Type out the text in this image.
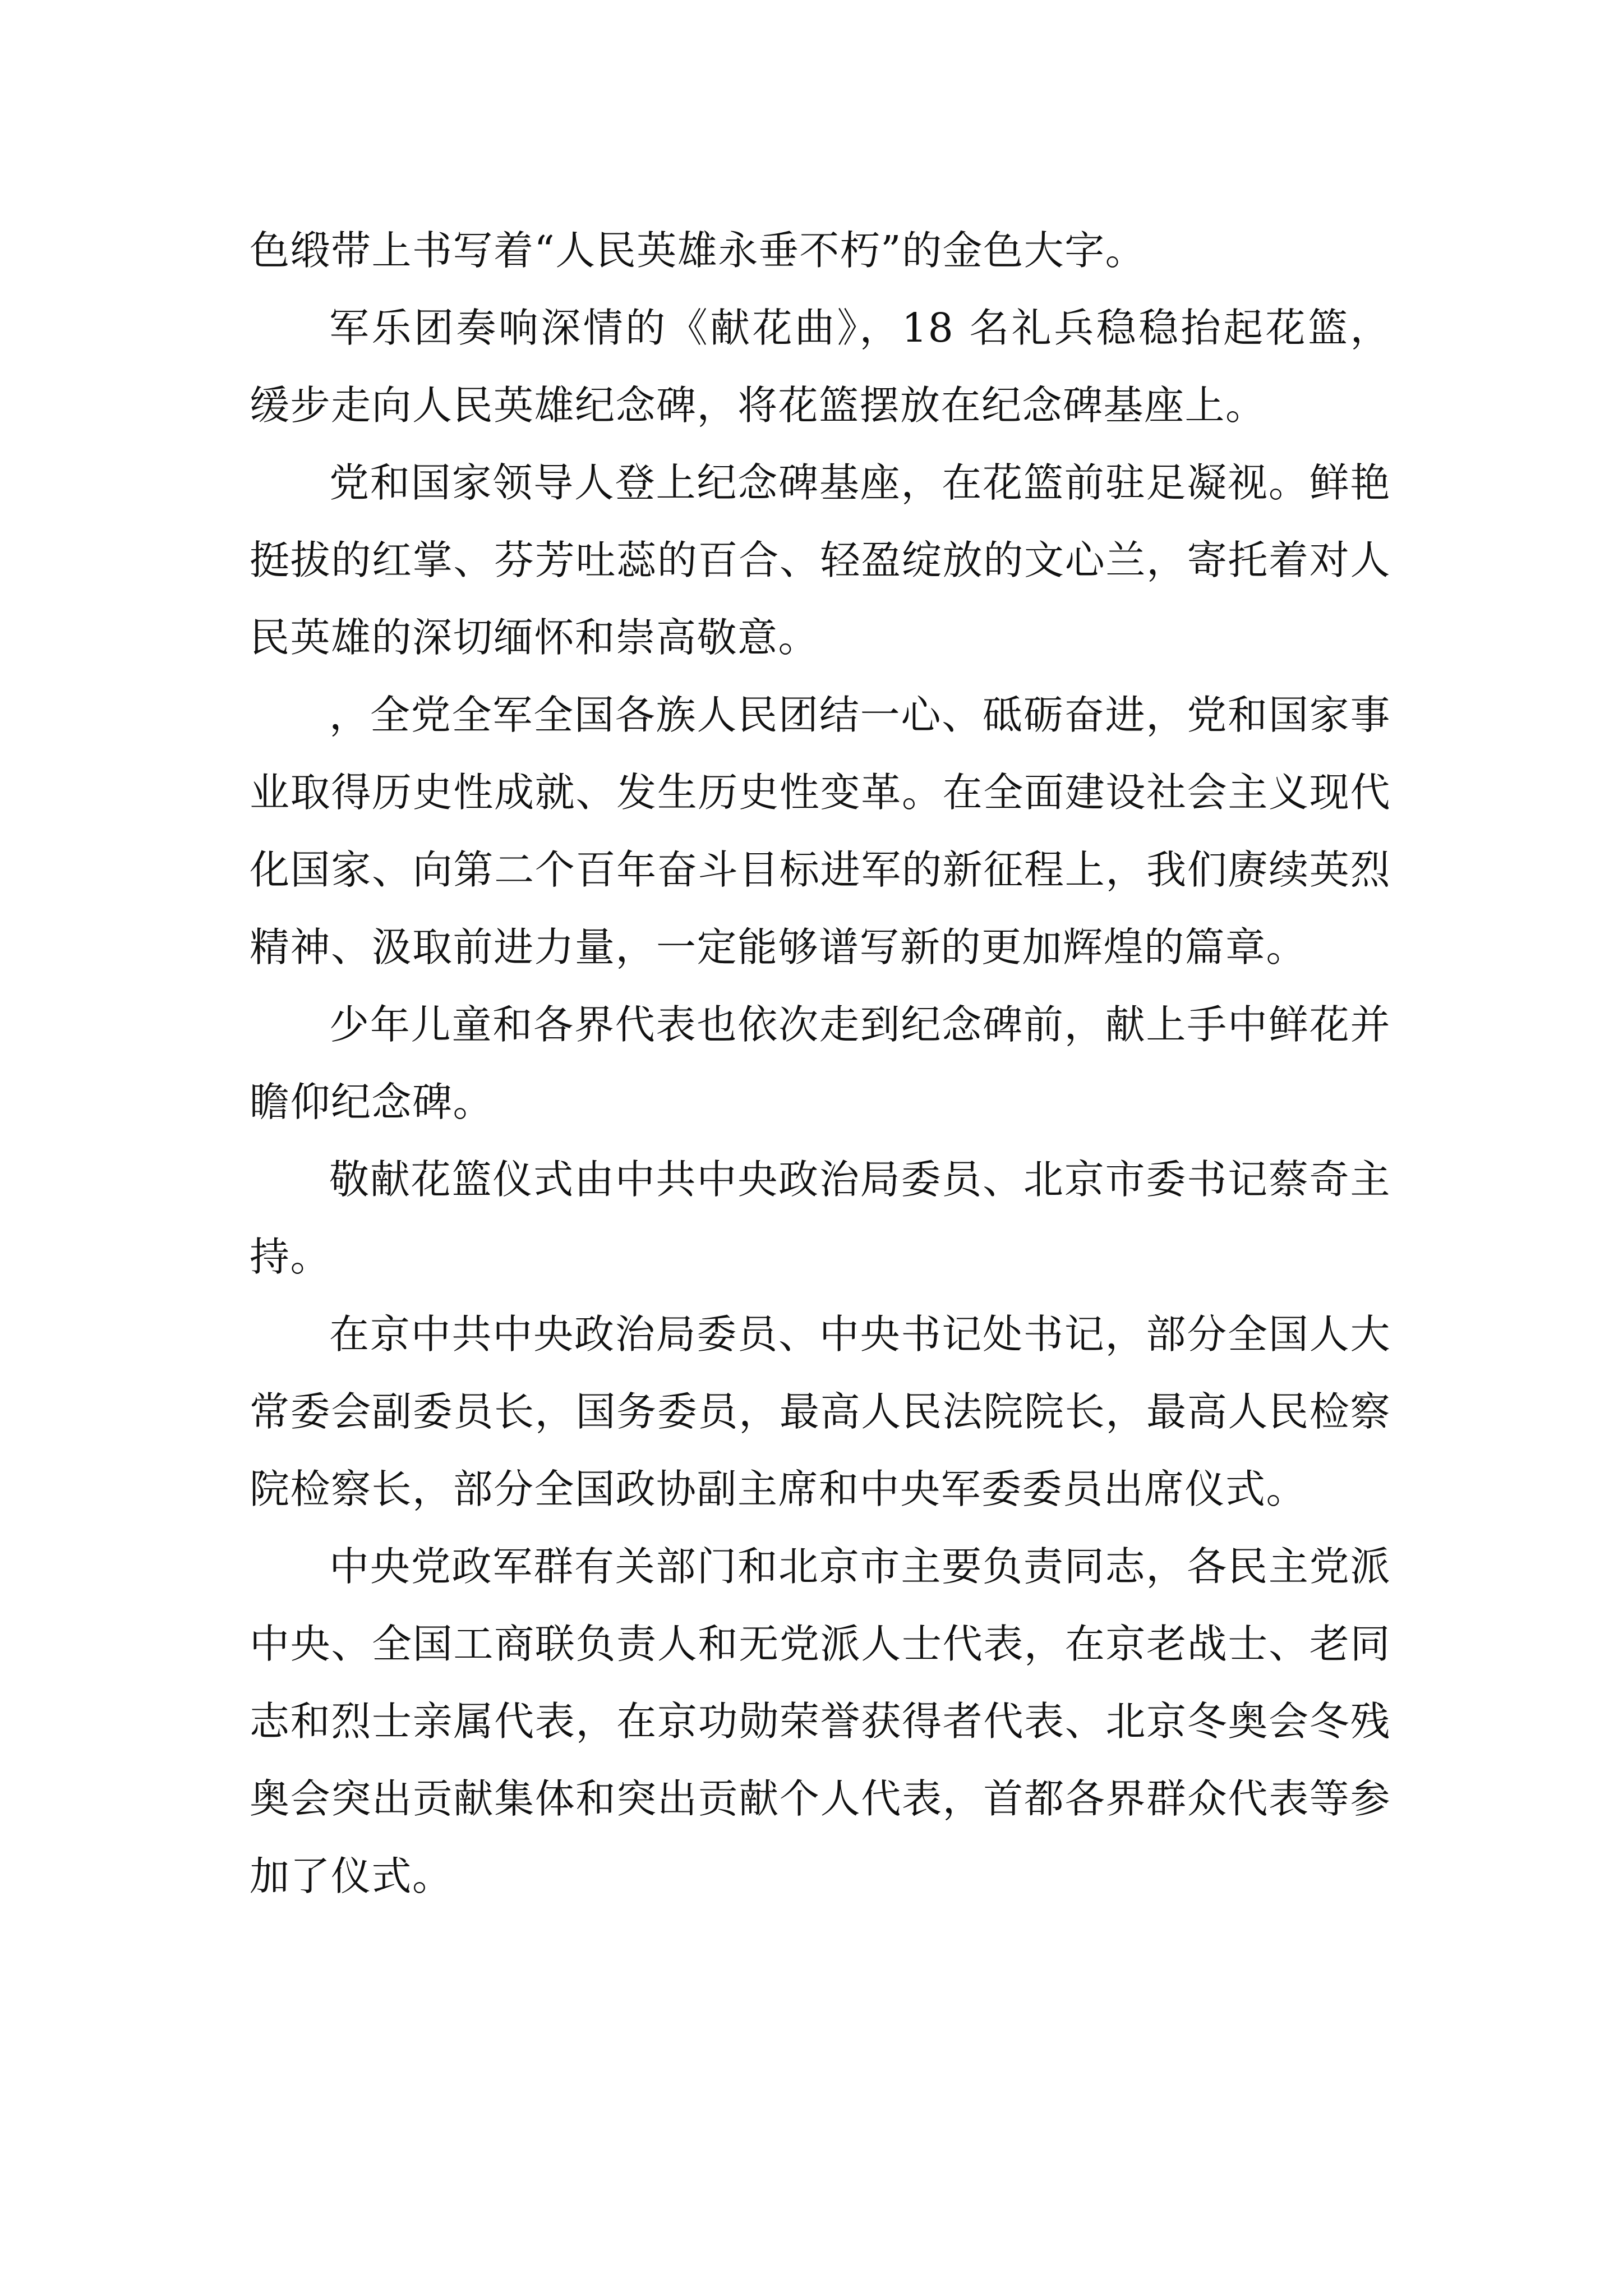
色缎带上书写着“人民英雄永垂不朽”的金色大字。

军乐团奏响深情的《献花曲》，18 名礼兵稳稳抬起花篮，缓步走向人民英雄纪念碑，将花篮摆放在纪念碑基座上。

党和国家领导人登上纪念碑基座，在花篮前驻足凝视。鲜艳挺拔的红掌、芬芳吐蕊的百合、轻盈绽放的文心兰，寄托着对人民英雄的深切缅怀和崇高敬意。

，全党全军全国各族人民团结一心、砥砺奋进，党和国家事业取得历史性成就、发生历史性变革。在全面建设社会主义现代化国家、向第二个百年奋斗目标进军的新征程上，我们赓续英烈精神、汲取前进力量，一定能够谱写新的更加辉煌的篇章。

少年儿童和各界代表也依次走到纪念碑前，献上手中鲜花并瞻仰纪念碑。

敬献花篮仪式由中共中央政治局委员、北京市委书记蔡奇主持。

在京中共中央政治局委员、中央书记处书记，部分全国人大常委会副委员长，国务委员，最高人民法院院长，最高人民检察院检察长，部分全国政协副主席和中央军委委员出席仪式。

中央党政军群有关部门和北京市主要负责同志，各民主党派中央、全国工商联负责人和无党派人士代表，在京老战士、老同志和烈士亲属代表，在京功勋荣誉获得者代表、北京冬奥会冬残奥会突出贡献集体和突出贡献个人代表，首都各界群众代表等参加了仪式。
